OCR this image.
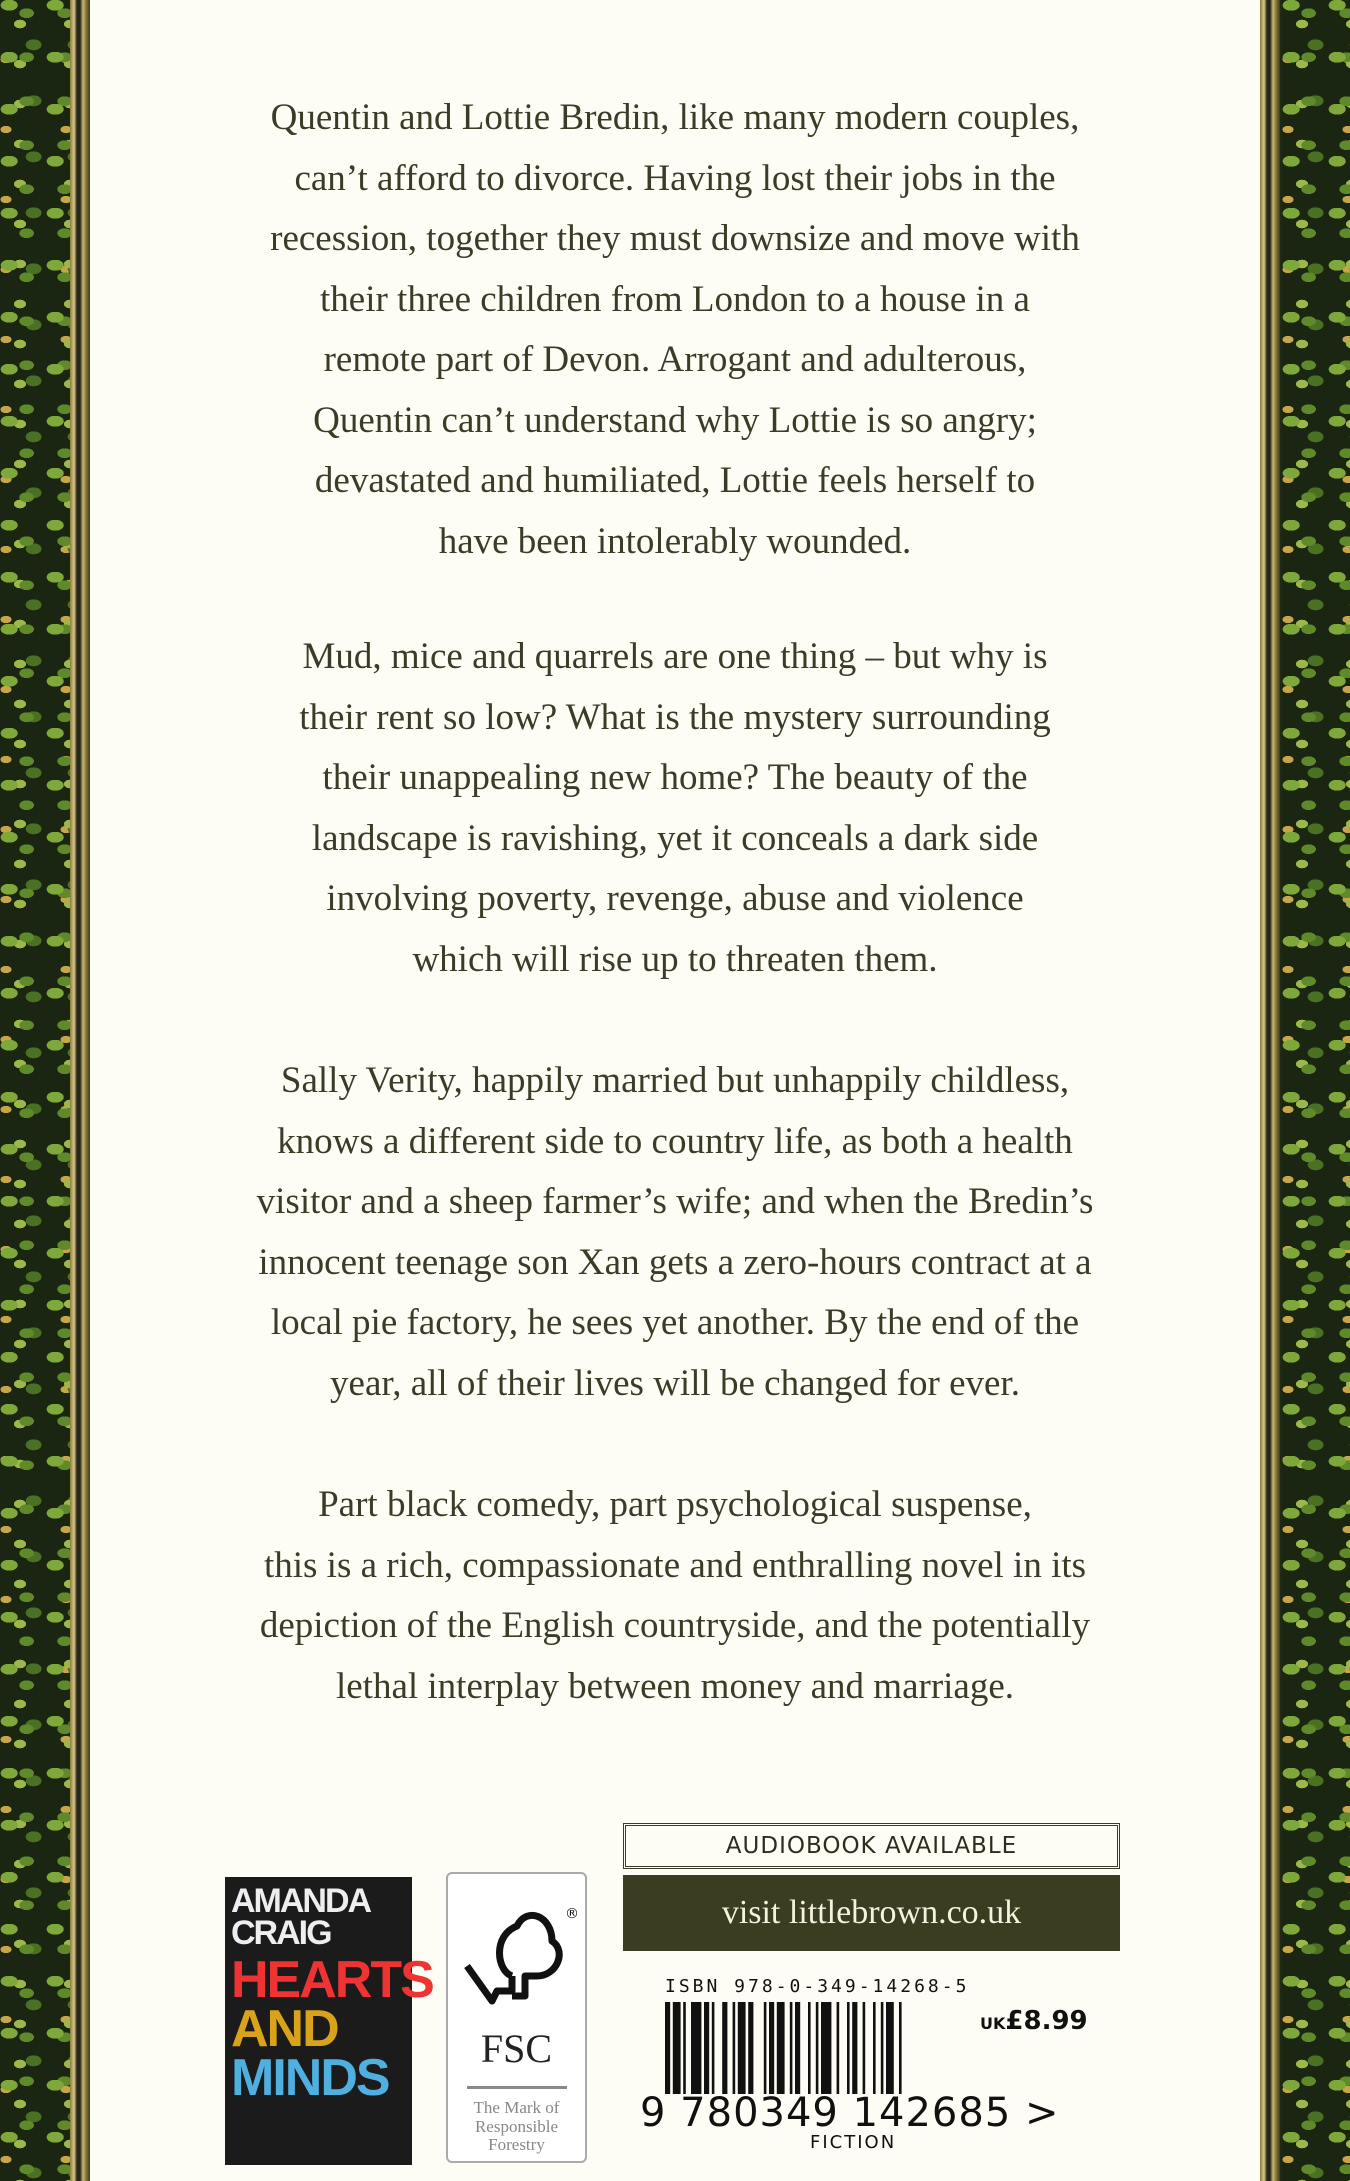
Quentin and Lottie Bredin, like many modern couples,
can’t afford to divorce. Having lost their jobs in the
recession, together they must downsize and move with
their three children from London to a house in a
remote part of Devon. Arrogant and adulterous,
Quentin can’t understand why Lottie is so angry;
devastated and humiliated, Lottie feels herself to
have been intolerably wounded.
Mud, mice and quarrels are one thing – but why is
their rent so low? What is the mystery surrounding
their unappealing new home? The beauty of the
landscape is ravishing, yet it conceals a dark side
involving poverty, revenge, abuse and violence
which will rise up to threaten them.
Sally Verity, happily married but unhappily childless,
knows a different side to country life, as both a health
visitor and a sheep farmer’s wife; and when the Bredin’s
innocent teenage son Xan gets a zero-hours contract at a
local pie factory, he sees yet another. By the end of the
year, all of their lives will be changed for ever.
Part black comedy, part psychological suspense,
this is a rich, compassionate and enthralling novel in its
depiction of the English countryside, and the potentially
lethal interplay between money and marriage.
AMANDA
CRAIG
HEARTS
AND
MINDS
®
FSC
The Mark of Responsible Forestry
AUDIOBOOK AVAILABLE
visit littlebrown.co.uk
ISBN 978-0-349-14268-5
9 780349 142685 >
UK£8.99
FICTION
